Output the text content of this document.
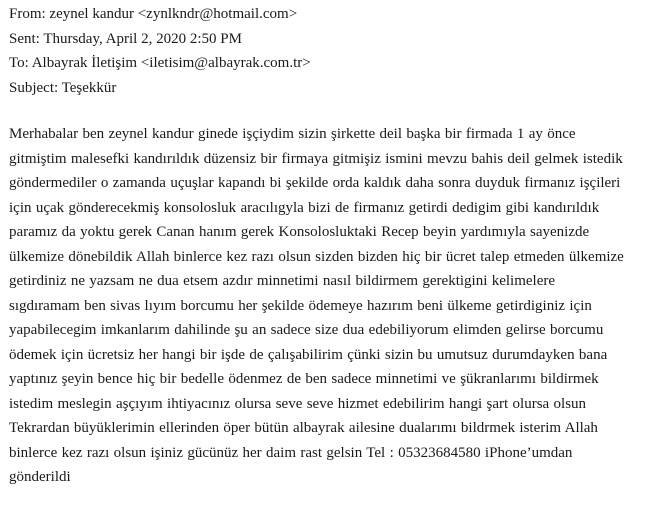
From: zeynel kandur <zynlkndr@hotmail.com>
Sent: Thursday, April 2, 2020 2:50 PM
To: Albayrak İletişim <iletisim@albayrak.com.tr>
Subject: Teşekkür
Merhabalar ben zeynel kandur ginede işçiydim sizin şirkette deil başka bir firmada 1 ay önce
gitmiştim malesefki kandırıldık düzensiz bir firmaya gitmişiz ismini mevzu bahis deil gelmek istedik
göndermediler o zamanda uçuşlar kapandı bi şekilde orda kaldık daha sonra duyduk firmanız işçileri
için uçak gönderecekmiş konsolosluk aracılıgyla bizi de firmanız getirdi dedigim gibi kandırıldık
paramız da yoktu gerek Canan hanım gerek Konsolosluktaki Recep beyin yardımıyla sayenizde
ülkemize dönebildik Allah binlerce kez razı olsun sizden bizden hiç bir ücret talep etmeden ülkemize
getirdiniz ne yazsam ne dua etsem azdır minnetimi nasıl bildirmem gerektigini kelimelere
sıgdıramam ben sivas lıyım borcumu her şekilde ödemeye hazırım beni ülkeme getirdiginiz için
yapabilecegim imkanlarım dahilinde şu an sadece size dua edebiliyorum elimden gelirse borcumu
ödemek için ücretsiz her hangi bir işde de çalışabilirim çünki sizin bu umutsuz durumdayken bana
yaptınız şeyin bence hiç bir bedelle ödenmez de ben sadece minnetimi ve şükranlarımı bildirmek
istedim meslegin aşçıyım ihtiyacınız olursa seve seve hizmet edebilirim hangi şart olursa olsun
Tekrardan büyüklerimin ellerinden öper bütün albayrak ailesine dualarımı bildrmek isterim Allah
binlerce kez razı olsun işiniz gücünüz her daim rast gelsin Tel : 05323684580 iPhone’umdan
gönderildi
